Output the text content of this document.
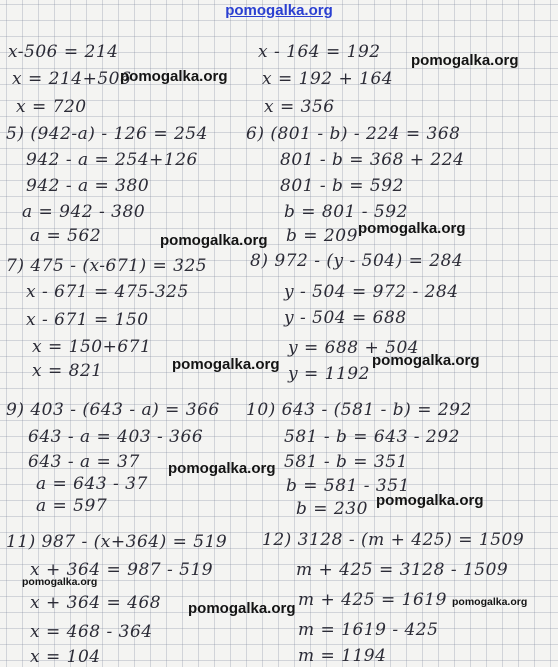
pomogalka.org
x-506 = 214
x = 214+506
x = 720
5) (942-a) - 126 = 254
942 - a = 254+126
942 - a = 380
a = 942 - 380
a = 562
7) 475 - (x-671) = 325
x - 671 = 475-325
x - 671 = 150
x = 150+671
x = 821
9) 403 - (643 - a) = 366
643 - a = 403 - 366
643 - a = 37
a = 643 - 37
a = 597
11) 987 - (x+364) = 519
x + 364 = 987 - 519
x + 364 = 468
x = 468 - 364
x = 104
x - 164 = 192
x = 192 + 164
x = 356
6) (801 - b) - 224 = 368
801 - b = 368 + 224
801 - b = 592
b = 801 - 592
b = 209
8) 972 - (y - 504) = 284
y - 504 = 972 - 284
y - 504 = 688
y = 688 + 504
y = 1192
10) 643 - (581 - b) = 292
581 - b = 643 - 292
581 - b = 351
b = 581 - 351
b = 230
12) 3128 - (m + 425) = 1509
m + 425 = 3128 - 1509
m + 425 = 1619
m = 1619 - 425
m = 1194
pomogalka.org
pomogalka.org
pomogalka.org
pomogalka.org
pomogalka.org	pomogalka.org
pomogalka.org
pomogalka.org
pomogalka.org
pomogalka.org	pomogalka.org
